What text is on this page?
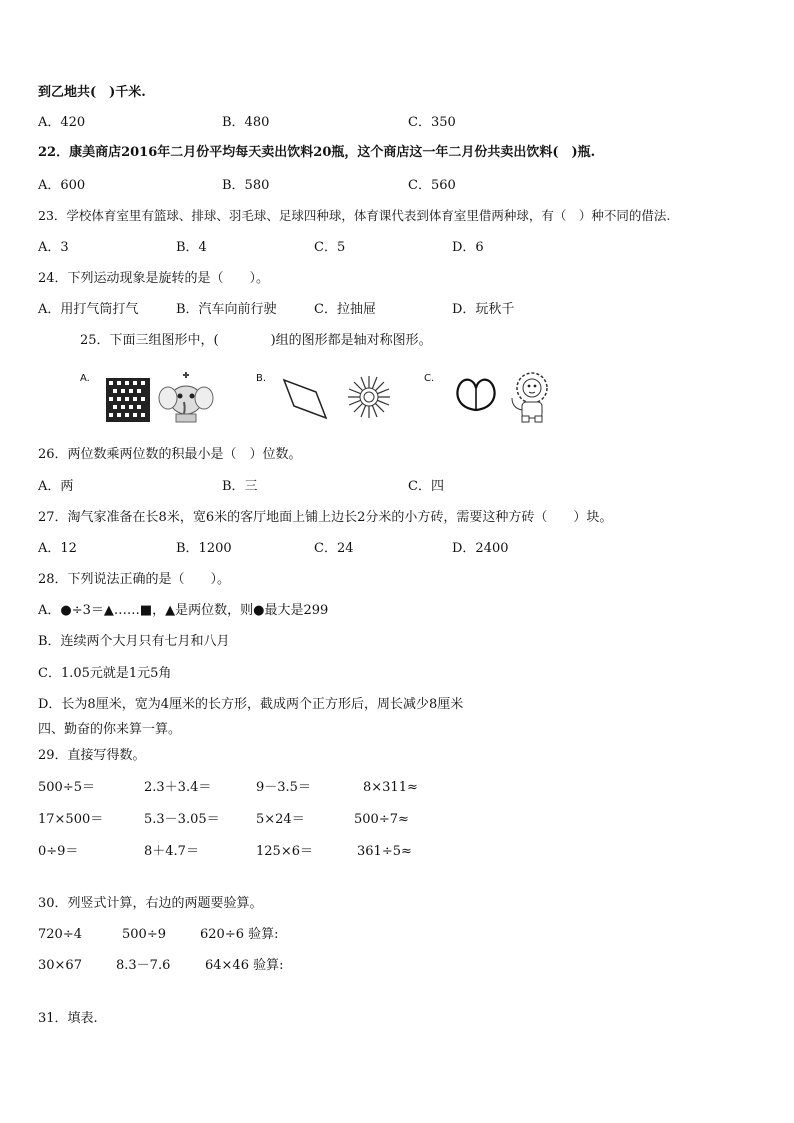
到乙地共(　)千米.
A．420	B．480	C．350
22．康美商店2016年二月份平均每天卖出饮料20瓶，这个商店这一年二月份共卖出饮料(　)瓶.
A．600	B．580	C．560
23．学校体育室里有篮球、排球、羽毛球、足球四种球，体育课代表到体育室里借两种球，有（　）种不同的借法.
A．3	B．4	C．5	D．6
24．下列运动现象是旋转的是（　　）。
A．用打气筒打气	B．汽车向前行驶	C．拉抽屉	D．玩秋千
25．下面三组图形中，(　　　　)组的图形都是轴对称图形。
A.	B.	C.
26．两位数乘两位数的积最小是（　）位数。
A．两	B．三	C．四
27．淘气家准备在长8米，宽6米的客厅地面上铺上边长2分米的小方砖，需要这种方砖（　　）块。
A．12	B．1200	C．24	D．2400
28．下列说法正确的是（　　）。
A．●÷3＝▲……■，▲是两位数，则●最大是299
B．连续两个大月只有七月和八月
C．1.05元就是1元5角
D．长为8厘米，宽为4厘米的长方形，截成两个正方形后，周长减少8厘米
四、勤奋的你来算一算。
29．直接写得数。
500÷5＝	2.3＋3.4＝	9－3.5＝	8×311≈
17×500＝	5.3－3.05＝	5×24＝	500÷7≈
0÷9＝	8＋4.7＝	125×6＝	361÷5≈
30．列竖式计算，右边的两题要验算。
720÷4	500÷9	620÷6 验算:
30×67	8.3－7.6	64×46 验算:
31．填表.
